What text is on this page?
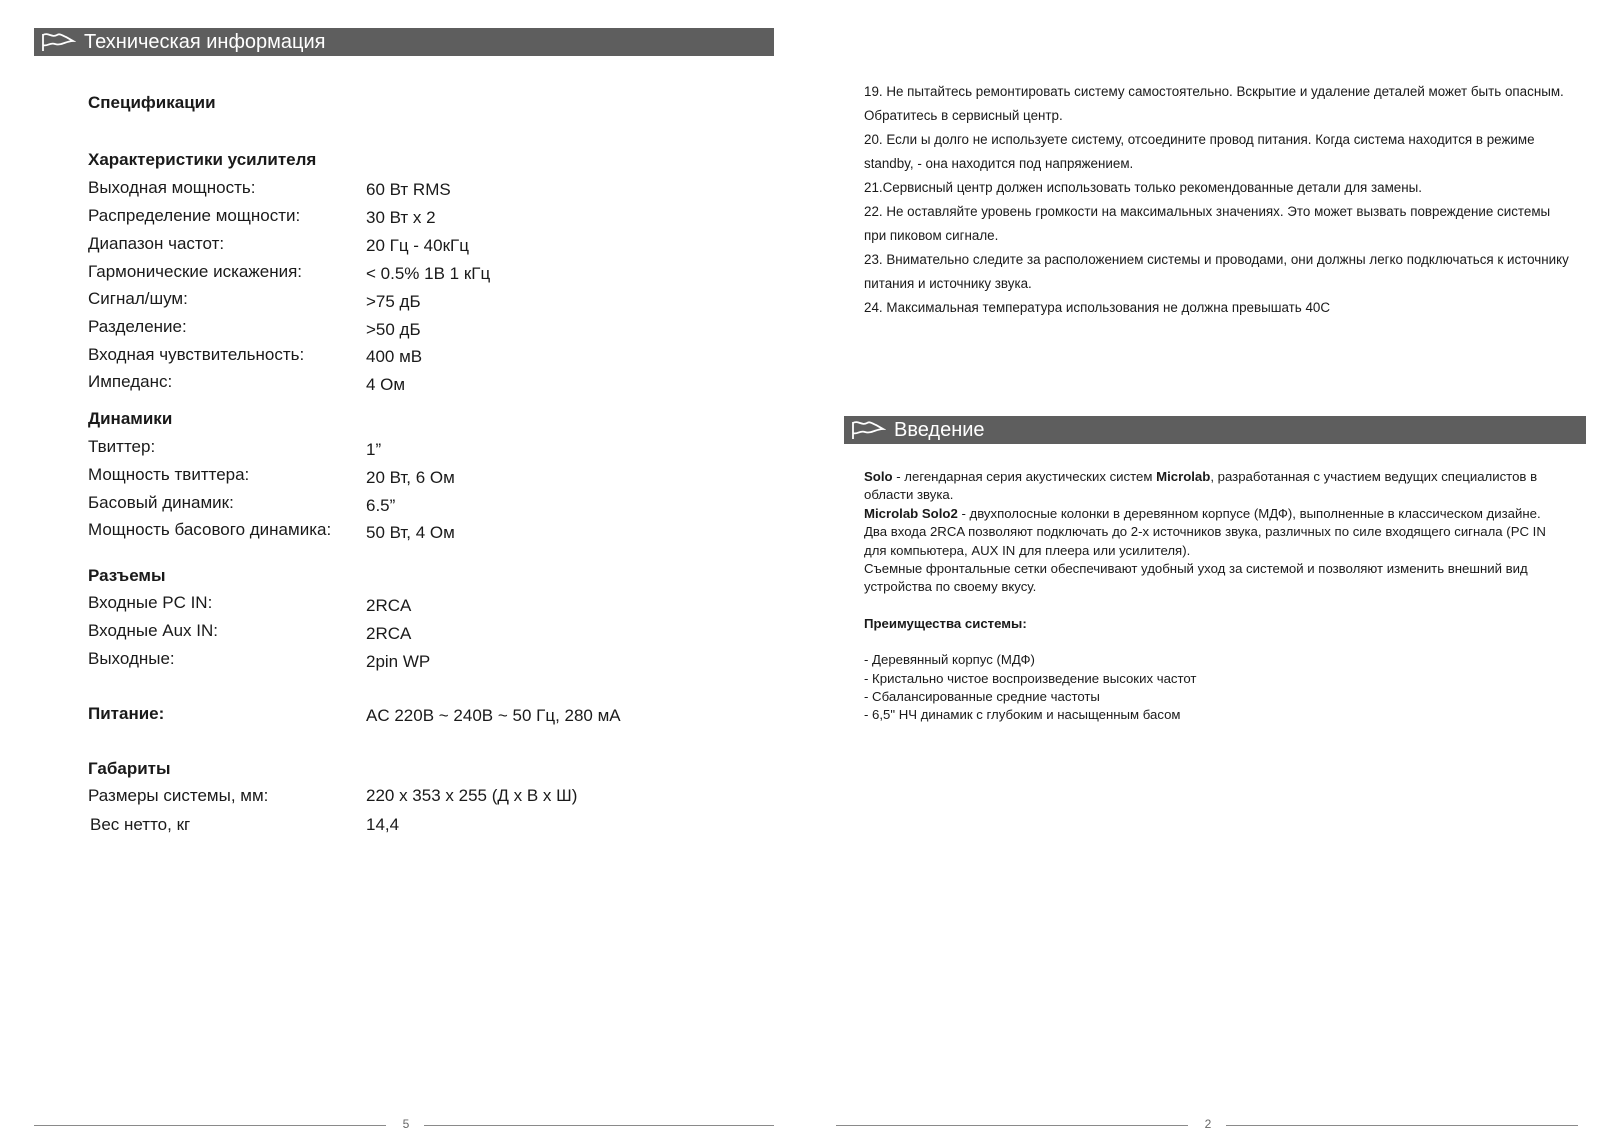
Техническая информация
Спецификации
Характеристики усилителя
Выходная мощность:	60 Вт RMS
Распределение мощности:	30 Вт x 2
Диапазон частот:	20 Гц - 40кГц
Гармонические искажения:	< 0.5% 1В 1 кГц
Сигнал/шум:	>75 дБ
Разделение:	>50 дБ
Входная чувствительность:	400 мВ
Импеданс:	4 Ом
Динамики
Твиттер:	1”
Мощность твиттера:	20 Вт, 6 Ом
Басовый динамик:	6.5”
Мощность басового динамика: 50 Вт, 4 Ом
Разъемы
Входные PC IN:	2RCA
Входные Aux IN:	2RCA
Выходные:	2pin WP
Питание:	AC 220В ~ 240В ~ 50 Гц, 280 мА
Габариты
Размеры системы, мм:	220 x 353 x 255 (Д x В x Ш)
Вес нетто, кг	14,4
5

19. Не пытайтесь ремонтировать систему самостоятельно. Вскрытие и удаление деталей может быть опасным. Обратитесь в сервисный центр.

20. Если ы долго не используете систему, отсоедините провод питания. Когда система находится в режиме standby, - она находится под напряжением.

21.Сервисный центр должен использовать только рекомендованные детали для замены.

22. Не оставляйте уровень громкости на максимальных значениях. Это может вызвать повреждение системы при пиковом сигнале.

23. Внимательно следите за расположением системы и проводами, они должны легко подключаться к источнику питания и источнику звука.

24. Максимальная температура использования не должна превышать 40С

Введение

Solo - легендарная серия акустических систем Microlab, разработанная с участием ведущих специалистов в области звука.

Microlab Solo2 - двухполосные колонки в деревянном корпусе (МДФ), выполненные в классическом дизайне.

Два входа 2RCA позволяют подключать до 2-х источников звука, различных по силе входящего сигнала (PC IN для компьютера, AUX IN для плеера или усилителя).

Съемные фронтальные сетки обеспечивают удобный уход за системой и позволяют изменить внешний вид устройства по своему вкусу.

Преимущества системы:

- Деревянный корпус (МДФ)
- Кристально чистое воспроизведение высоких частот
- Сбалансированные средние частоты
- 6,5" НЧ динамик с глубоким и насыщенным басом
2
